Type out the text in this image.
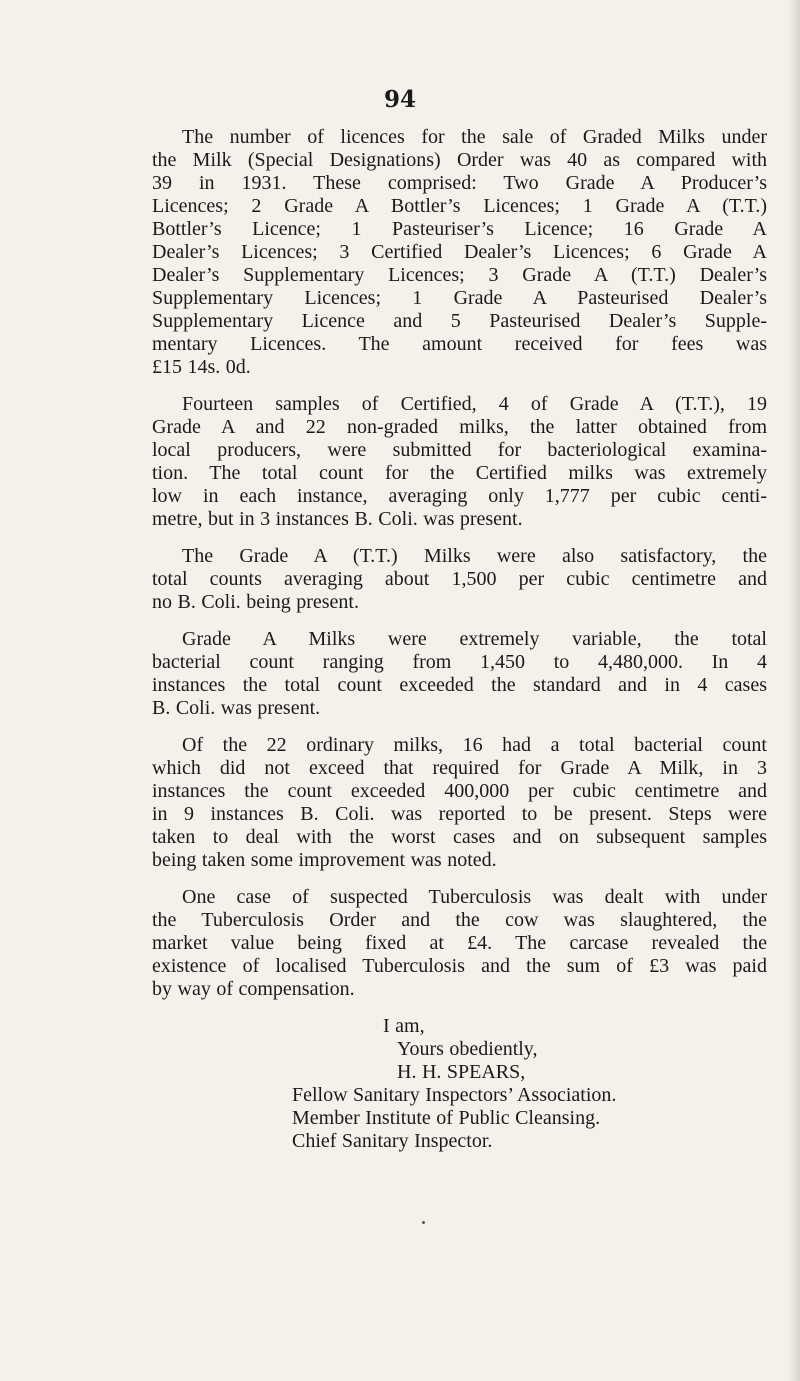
94
The number of licences for the sale of Graded Milks under
the Milk (Special Designations) Order was 40 as compared with
39 in 1931. These comprised: Two Grade A Producer’s
Licences; 2 Grade A Bottler’s Licences; 1 Grade A (T.T.)
Bottler’s Licence; 1 Pasteuriser’s Licence; 16 Grade A
Dealer’s Licences; 3 Certified Dealer’s Licences; 6 Grade A
Dealer’s Supplementary Licences; 3 Grade A (T.T.) Dealer’s
Supplementary Licences; 1 Grade A Pasteurised Dealer’s
Supplementary Licence and 5 Pasteurised Dealer’s Supple-
mentary Licences. The amount received for fees was
£15 14s. 0d.
Fourteen samples of Certified, 4 of Grade A (T.T.), 19
Grade A and 22 non-graded milks, the latter obtained from
local producers, were submitted for bacteriological examina-
tion. The total count for the Certified milks was extremely
low in each instance, averaging only 1,777 per cubic centi-
metre, but in 3 instances B. Coli. was present.
The Grade A (T.T.) Milks were also satisfactory, the
total counts averaging about 1,500 per cubic centimetre and
no B. Coli. being present.
Grade A Milks were extremely variable, the total
bacterial count ranging from 1,450 to 4,480,000. In 4
instances the total count exceeded the standard and in 4 cases
B. Coli. was present.
Of the 22 ordinary milks, 16 had a total bacterial count
which did not exceed that required for Grade A Milk, in 3
instances the count exceeded 400,000 per cubic centimetre and
in 9 instances B. Coli. was reported to be present. Steps were
taken to deal with the worst cases and on subsequent samples
being taken some improvement was noted.
One case of suspected Tuberculosis was dealt with under
the Tuberculosis Order and the cow was slaughtered, the
market value being fixed at £4. The carcase revealed the
existence of localised Tuberculosis and the sum of £3 was paid
by way of compensation.
I am,
Yours obediently,
H. H. SPEARS,
Fellow Sanitary Inspectors’ Association.
Member Institute of Public Cleansing.
Chief Sanitary Inspector.
